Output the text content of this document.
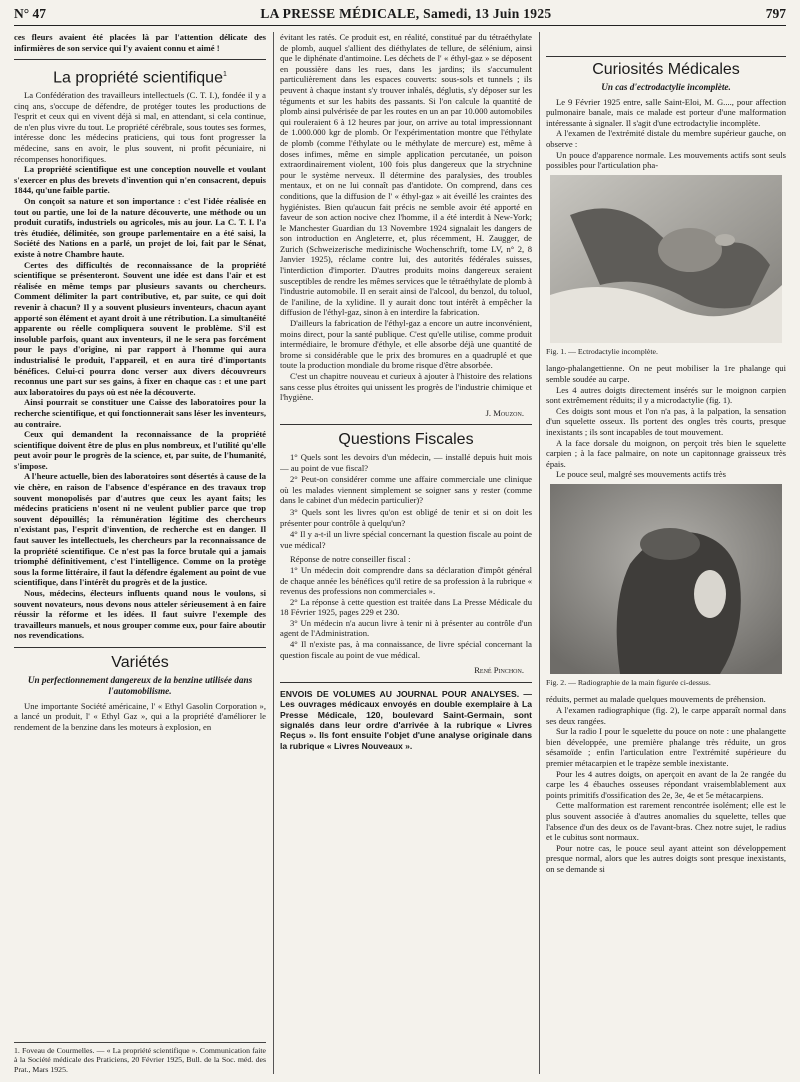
N° 47	LA PRESSE MÉDICALE, Samedi, 13 Juin 1925	797

ces fleurs avaient été placées là par l'attention délicate des infirmières de son service qui l'y avaient connu et aimé !

La propriété scientifique$^1$

La Confédération des travailleurs intellectuels (C. T. I.), fondée il y a cinq ans, s'occupe de défendre, de protéger toutes les productions de l'esprit et ceux qui en vivent déjà si mal, en attendant, si cela continue, de n'en plus vivre du tout. Le propriété cérébrale, sous toutes ses formes, intéresse donc les médecins praticiens, qui tous font progresser la médecine, sans en avoir, le plus souvent, ni profit pécuniaire, ni récompenses honorifiques.

La propriété scientifique est une conception nouvelle et voulant s'exercer en plus des brevets d'invention qui n'en consacrent, depuis 1844, qu'une faible partie.

On conçoit sa nature et son importance : c'est l'idée réalisée en tout ou partie, une loi de la nature découverte, une méthode ou un produit curatifs, industriels ou agricoles, mis au jour. La C. T. I. l'a très étudiée, délimitée, son groupe parlementaire en a été saisi, la Société des Nations en a parlé, un projet de loi, fait par le Sénat, existe à notre Chambre haute.

Certes des difficultés de reconnaissance de la propriété scientifique se présenteront. Souvent une idée est dans l'air et est réalisée en même temps par plusieurs savants ou chercheurs. Comment délimiter la part contributive, et, par suite, ce qui doit revenir à chacun? Il y a souvent plusieurs inventeurs, chacun ayant apporté son élément et ayant droit à une rétribution. La simultanéité apparente ou réelle compliquera souvent le problème. S'il est insoluble parfois, quant aux inventeurs, il ne le sera pas forcément pour le pays d'origine, ni par rapport à l'homme qui aura industrialisé le produit, l'appareil, et en aura tiré d'importants bénéfices. Celui-ci pourra donc verser aux divers découvreurs reconnus une part sur ses gains, à fixer en chaque cas : et une part aux laboratoires du pays où est née la découverte.

Ainsi pourrait se constituer une Caisse des laboratoires pour la recherche scientifique, et qui fonctionnerait sans léser les inventeurs, au contraire.

Ceux qui demandent la reconnaissance de la propriété scientifique doivent être de plus en plus nombreux, et l'utilité qu'elle peut avoir pour le progrès de la science, et, par suite, de l'humanité, s'impose.

A l'heure actuelle, bien des laboratoires sont désertés à cause de la vie chère, en raison de l'absence d'espérance en des travaux trop souvent monopolisés par d'autres que ceux les ayant faits; les médecins praticiens n'osent ni ne veulent publier parce que trop souvent dépouillés; la rémunération légitime des chercheurs n'existant pas, l'esprit d'invention, de recherche est en danger. Il faut sauver les intellectuels, les chercheurs par la reconnaissance de la propriété scientifique. Ce n'est pas la force brutale qui a jamais triomphé définitivement, c'est l'intelligence. Comme on la protège sous la forme littéraire, il faut la défendre également au point de vue scientifique, dans l'intérêt du progrès et de la justice.

Nous, médecins, électeurs influents quand nous le voulons, si souvent novateurs, nous devons nous atteler sérieusement à en faire réussir la réforme et les idées. Il faut suivre l'exemple des travailleurs manuels, et nous grouper comme eux, pour faire aboutir nos revendications.

Variétés
Un perfectionnement dangereux de la benzine utilisée dans l'automobilisme.

Une importante Société américaine, l' « Ethyl Gasolin Corporation », a lancé un produit, l' « Ethyl Gaz », qui a la propriété d'améliorer le rendement de la benzine dans les moteurs à explosion, en

1. Foveau de Courmelles. — « La propriété scientifique ». Communication faite à la Société médicale des Praticiens, 20 Février 1925, Bull. de la Soc. méd. des Prat., Mars 1925.

évitant les ratés. Ce produit est, en réalité, constitué par du tétraéthylate de plomb, auquel s'allient des diéthylates de tellure, de sélénium, ainsi que le diphénate d'antimoine. Les déchets de l' « éthyl-gaz » se déposent en poussière dans les rues, dans les jardins; ils s'accumulent particulièrement dans les espaces couverts: sous-sols et tunnels ; ils peuvent à chaque instant s'y trouver inhalés, déglutis, s'y déposer sur les téguments et sur les habits des passants. Si l'on calcule la quantité de plomb ainsi pulvérisée de par les routes en un an par 10.000 automobiles qui rouleraient 6 à 12 heures par jour, on arrive au total impressionnant de 1.000.000 kgr de plomb. Or l'expérimentation montre que l'éthylate de plomb (comme l'éthylate ou le méthylate de mercure) est, même à doses infimes, même en simple application percutanée, un poison extraordinairement violent, 100 fois plus dangereux que la strychnine pour le système nerveux. Il détermine des paralysies, des troubles mentaux, et on ne lui connaît pas d'antidote. On comprend, dans ces conditions, que la diffusion de l' « éthyl-gaz » ait éveillé les craintes des hygiénistes. Bien qu'aucun fait précis ne semble avoir été apporté en faveur de son action nocive chez l'homme, il a été interdit à New-York; le Manchester Guardian du 13 Novembre 1924 signalait les dangers de son introduction en Angleterre, et, plus récemment, H. Zaugger, de Zurich (Schweizerische medizinische Wochenschrift, tome LV, n° 2, 8 Janvier 1925), réclame contre lui, des autorités fédérales suisses, l'interdiction d'importer. D'autres produits moins dangereux seraient susceptibles de rendre les mêmes services que le tétraéthylate de plomb à l'industrie automobile. Il en serait ainsi de l'alcool, du benzol, du toluol, de l'aniline, de la xylidine. Il y aurait donc tout intérêt à empêcher la diffusion de l'éthyl-gaz, sinon à en interdire la fabrication.

D'ailleurs la fabrication de l'éthyl-gaz a encore un autre inconvénient, moins direct, pour la santé publique. C'est qu'elle utilise, comme produit intermédiaire, le bromure d'éthyle, et elle absorbe déjà une quantité de brome si considérable que le prix des bromures en a quadruplé et que toute la production mondiale du brome risque d'être absorbée.

C'est un chapitre nouveau et curieux à ajouter à l'histoire des relations sans cesse plus étroites qui unissent les progrès de l'industrie chimique et l'hygiène.

J. Mouzon.
Questions Fiscales

1° Quels sont les devoirs d'un médecin, — installé depuis huit mois — au point de vue fiscal?

2° Peut-on considérer comme une affaire commerciale une clinique où les malades viennent simplement se soigner sans y rester (comme dans le cabinet d'un médecin particulier)?

3° Quels sont les livres qu'on est obligé de tenir et si on doit les présenter pour contrôle à quelqu'un?

4° Il y a-t-il un livre spécial concernant la question fiscale au point de vue médical?

Réponse de notre conseiller fiscal :

1° Un médecin doit comprendre dans sa déclaration d'impôt général de chaque année les bénéfices qu'il retire de sa profession à la rubrique « revenus des professions non commerciales ».

2° La réponse à cette question est traitée dans La Presse Médicale du 18 Février 1925, pages 229 et 230.

3° Un médecin n'a aucun livre à tenir ni à présenter au contrôle d'un agent de l'Administration.

4° Il n'existe pas, à ma connaissance, de livre spécial concernant la question fiscale au point de vue médical.

René Pinchon.
ENVOIS DE VOLUMES AU JOURNAL POUR ANALYSES. — Les ouvrages médicaux envoyés en double exemplaire à La Presse Médicale, 120, boulevard Saint-Germain, sont signalés dans leur ordre d'arrivée à la rubrique « Livres Reçus ». Ils font ensuite l'objet d'une analyse originale dans la rubrique « Livres Nouveaux ».
Curiosités Médicales
Un cas d'ectrodactylie incomplète.

Le 9 Février 1925 entre, salle Saint-Eloi, M. G...., pour affection pulmonaire banale, mais ce malade est porteur d'une malformation intéressante à signaler. Il s'agit d'une ectrodactylie incomplète.

A l'examen de l'extrémité distale du membre supérieur gauche, on observe :

Un pouce d'apparence normale. Les mouvements actifs sont seuls possibles pour l'articulation pha-

Fig. 1. — Ectrodactylie incomplète.

lango-phalangettienne. On ne peut mobiliser la 1re phalange qui semble soudée au carpe.

Les 4 autres doigts directement insérés sur le moignon carpien sont extrêmement réduits; il y a microdactylie (fig. 1).

Ces doigts sont mous et l'on n'a pas, à la palpation, la sensation d'un squelette osseux. Ils portent des ongles très courts, presque inexistants ; ils sont incapables de tout mouvement.

A la face dorsale du moignon, on perçoit très bien le squelette carpien ; à la face palmaire, on note un capitonnage graisseux très épais.

Le pouce seul, malgré ses mouvements actifs très

Fig. 2. — Radiographie de la main figurée ci-dessus.

réduits, permet au malade quelques mouvements de préhension.

A l'examen radiographique (fig. 2), le carpe apparaît normal dans ses deux rangées.

Sur la radio I pour le squelette du pouce on note : une phalangette bien développée, une première phalange très réduite, un gros sésamoïde ; enfin l'articulation entre l'extrémité supérieure du premier métacarpien et le trapèze semble inexistante.

Pour les 4 autres doigts, on aperçoit en avant de la 2e rangée du carpe les 4 ébauches osseuses répondant vraisemblablement aux points primitifs d'ossification des 2e, 3e, 4e et 5e métacarpiens.

Cette malformation est rarement rencontrée isolément; elle est le plus souvent associée à d'autres anomalies du squelette, telles que l'absence d'un des deux os de l'avant-bras. Chez notre sujet, le radius et le cubitus sont normaux.

Pour notre cas, le pouce seul ayant atteint son développement presque normal, alors que les autres doigts sont presque inexistants, on se demande si
